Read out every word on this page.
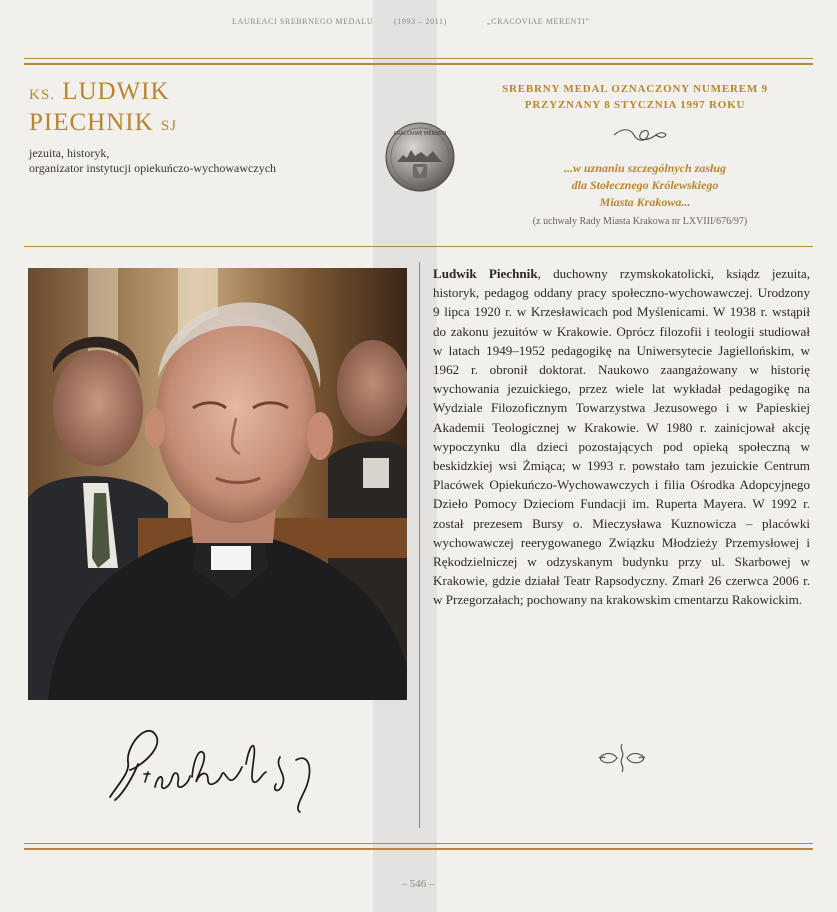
LAUREACI SREBRNEGO MEDALU	(1993 – 2011)	„CRACOVIAE MERENTI”
KS. LUDWIK
PIECHNIK SJ
jezuita, historyk,
organizator instytucji opiekuńczo-wychowawczych
CRACOVIAE MERENTI
SREBRNY MEDAL OZNACZONY NUMEREM 9
PRZYZNANY 8 STYCZNIA 1997 ROKU
...w uznaniu szczególnych zasług
dla Stołecznego Królewskiego
Miasta Krakowa...
(z uchwały Rady Miasta Krakowa nr LXVIII/676/97)
Piechnik SJ
Ludwik Piechnik, duchowny rzymskokatolicki, ksiądz jezuita, historyk, pedagog oddany pracy społeczno-wychowawczej. Urodzony 9 lipca 1920 r. w Krzesławicach pod Myślenicami. W 1938 r. wstąpił do zakonu jezuitów w Krakowie. Oprócz filozofii i teologii studiował w latach 1949–1952 pedagogikę na Uniwersytecie Jagiellońskim, w 1962 r. obronił doktorat. Naukowo zaangażowany w historię wychowania jezuickiego, przez wiele lat wykładał pedagogikę na Wydziale Filozoficznym Towarzystwa Jezusowego i w Papieskiej Akademii Teologicznej w Krakowie. W 1980 r. zainicjował akcję wypoczynku dla dzieci pozostających pod opieką społeczną w beskidzkiej wsi Żmiąca; w 1993 r. powstało tam jezuickie Centrum Placówek Opiekuńczo-Wychowawczych i filia Ośrodka Adopcyjnego Dzieło Pomocy Dzieciom Fundacji im. Ruperta Mayera. W 1992 r. został prezesem Bursy o. Mieczysława Kuznowicza – placówki wychowawczej reerygowanego Związku Młodzieży Przemysłowej i Rękodzielniczej w odzyskanym budynku przy ul. Skarbowej w Krakowie, gdzie działał Teatr Rapsodyczny. Zmarł 26 czerwca 2006 r. w Przegorzałach; pochowany na krakowskim cmentarzu Rakowickim.
– 546 –
